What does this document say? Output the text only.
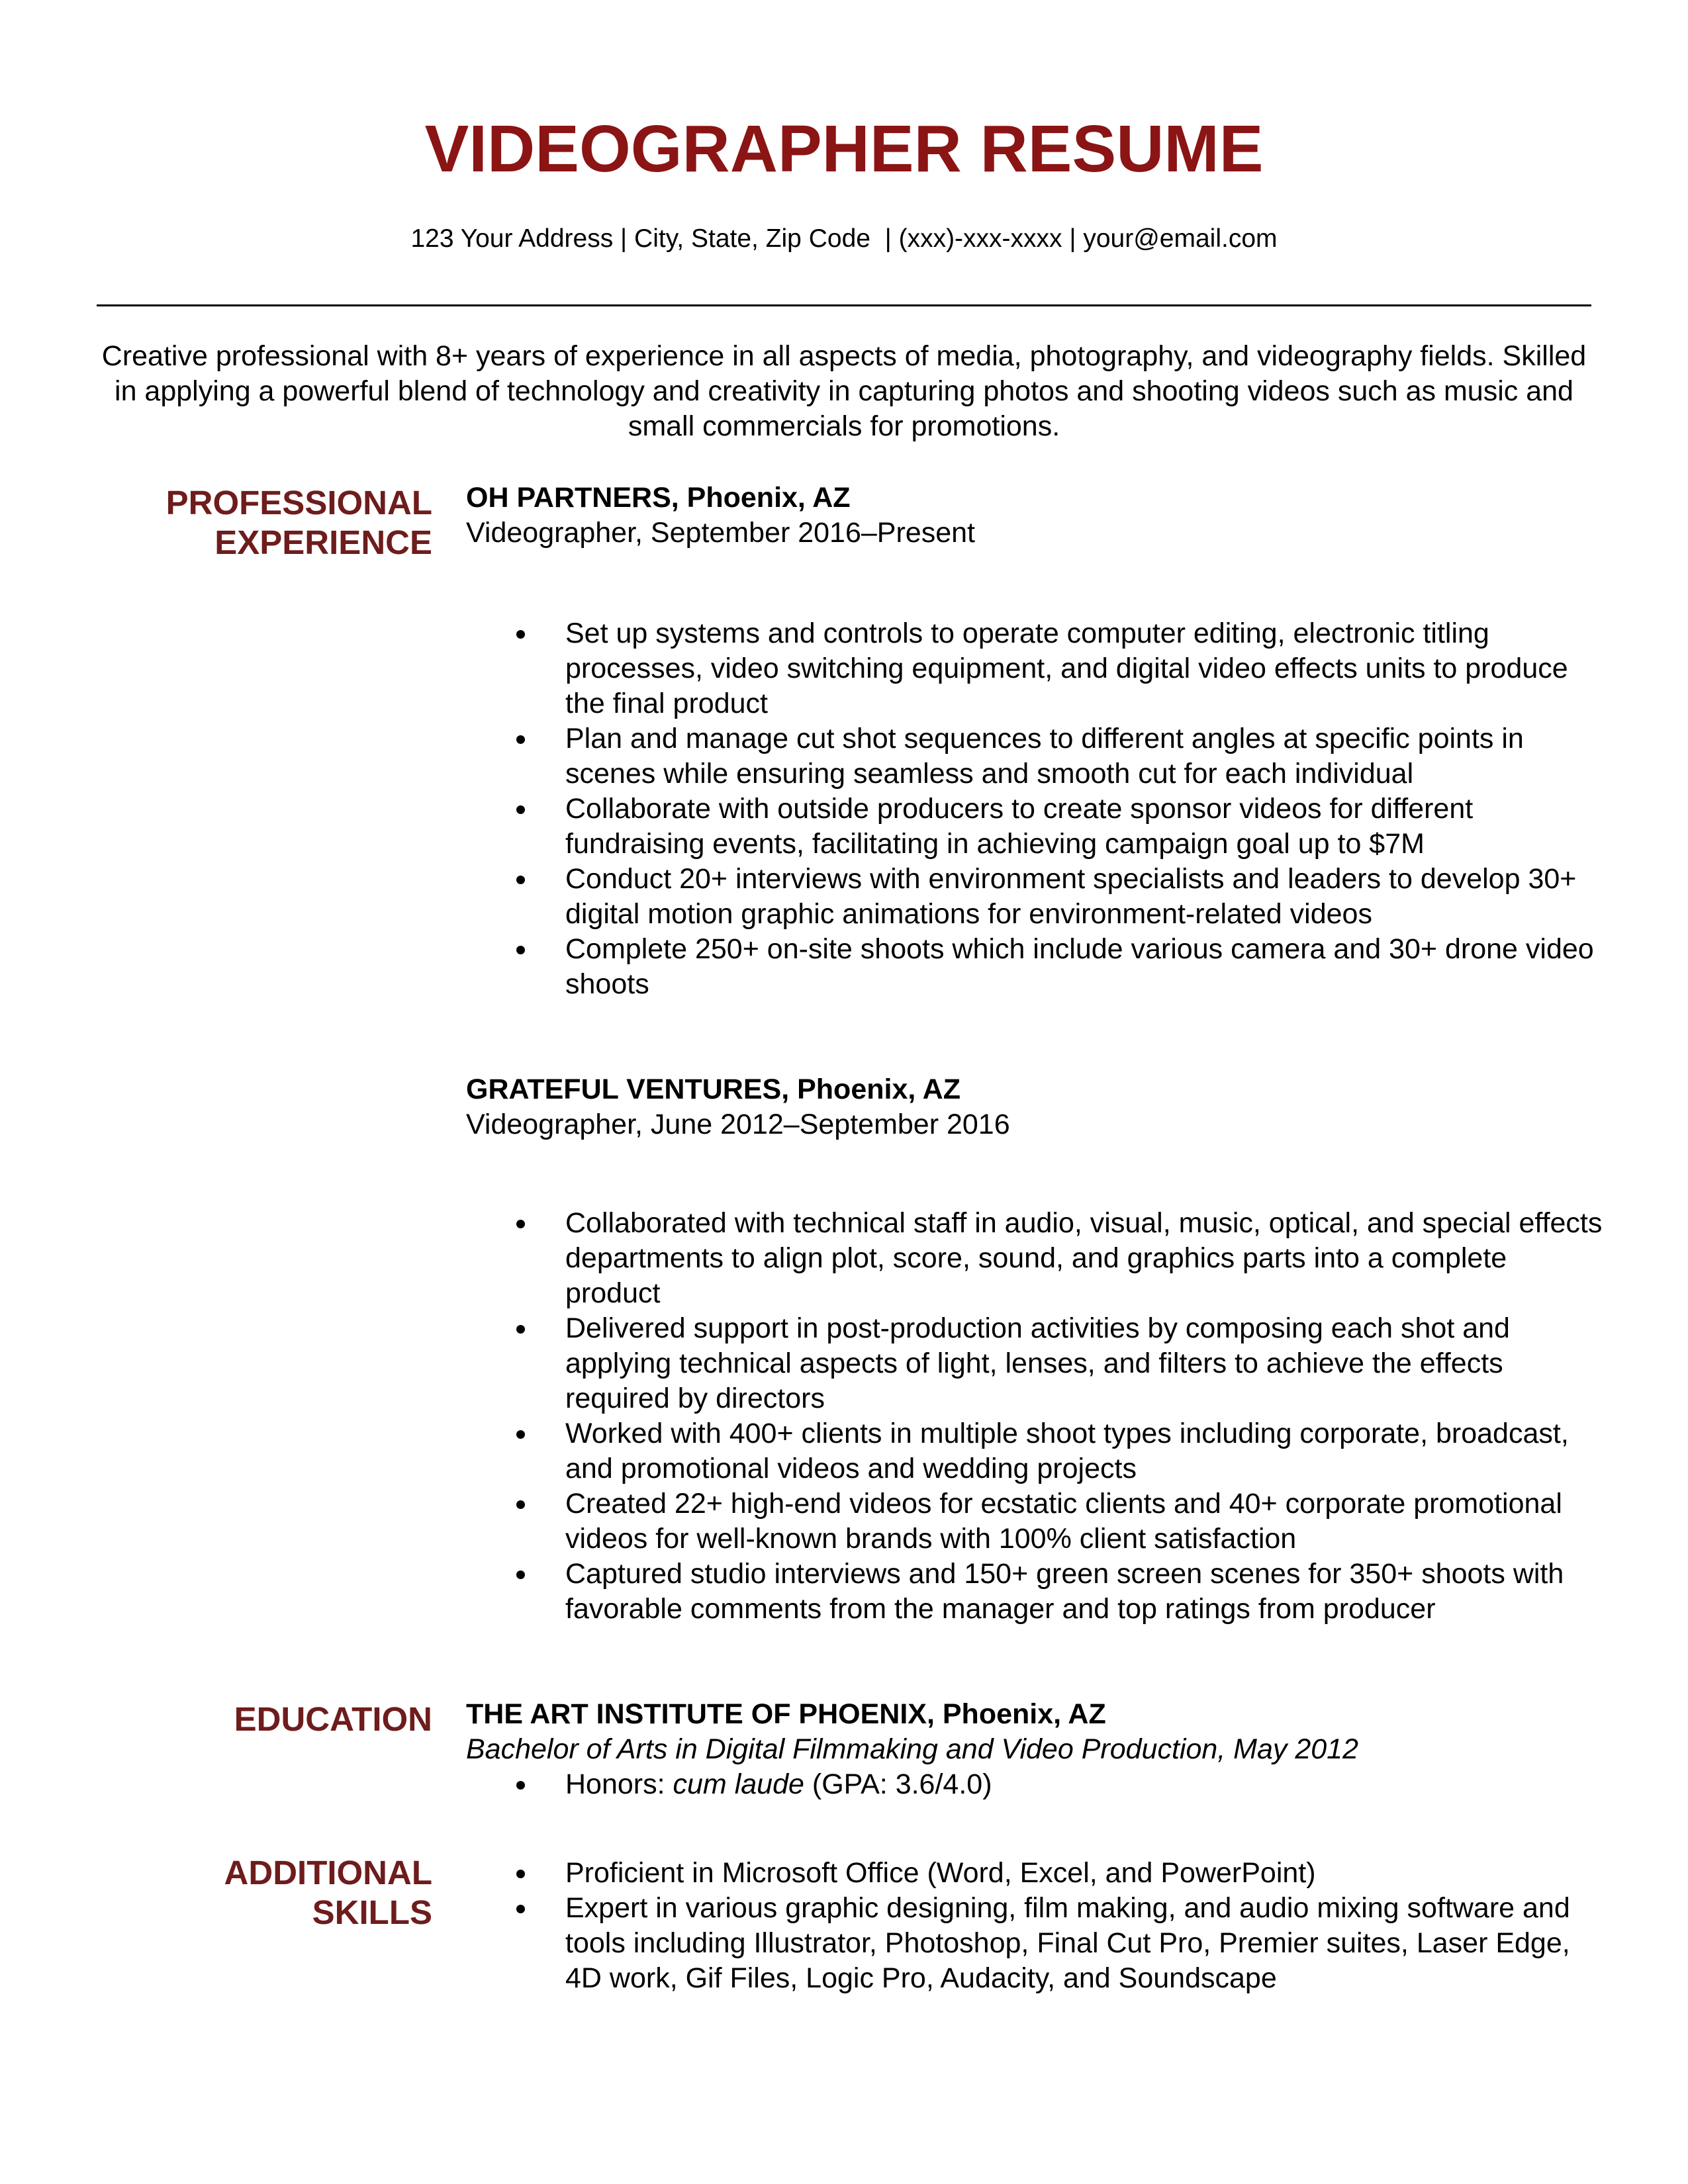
VIDEOGRAPHER RESUME
123 Your Address | City, State, Zip Code  | (xxx)-xxx-xxxx | your@email.com
Creative professional with 8+ years of experience in all aspects of media, photography, and videography fields. Skilled in applying a powerful blend of technology and creativity in capturing photos and shooting videos such as music and small commercials for promotions.
PROFESSIONAL
EXPERIENCE

OH PARTNERS, Phoenix, AZ

Videographer, September 2016–Present

Set up systems and controls to operate computer editing, electronic titling processes, video switching equipment, and digital video effects units to produce the final product
Plan and manage cut shot sequences to different angles at specific points in scenes while ensuring seamless and smooth cut for each individual
Collaborate with outside producers to create sponsor videos for different fundraising events, facilitating in achieving campaign goal up to $7M
Conduct 20+ interviews with environment specialists and leaders to develop 30+ digital motion graphic animations for environment-related videos
Complete 250+ on-site shoots which include various camera and 30+ drone video shoots

GRATEFUL VENTURES, Phoenix, AZ

Videographer, June 2012–September 2016

Collaborated with technical staff in audio, visual, music, optical, and special effects departments to align plot, score, sound, and graphics parts into a complete product
Delivered support in post-production activities by composing each shot and applying technical aspects of light, lenses, and filters to achieve the effects required by directors
Worked with 400+ clients in multiple shoot types including corporate, broadcast, and promotional videos and wedding projects
Created 22+ high-end videos for ecstatic clients and 40+ corporate promotional videos for well-known brands with 100% client satisfaction
Captured studio interviews and 150+ green screen scenes for 350+ shoots with favorable comments from the manager and top ratings from producer
EDUCATION THE ART INSTITUTE OF PHOENIX, Phoenix, AZ

Bachelor of Arts in Digital Filmmaking and Video Production, May 2012

Honors: cum laude (GPA: 3.6/4.0)
ADDITIONAL
SKILLS
Proficient in Microsoft Office (Word, Excel, and PowerPoint)
Expert in various graphic designing, film making, and audio mixing software and tools including Illustrator, Photoshop, Final Cut Pro, Premier suites, Laser Edge, 4D work, Gif Files, Logic Pro, Audacity, and Soundscape
